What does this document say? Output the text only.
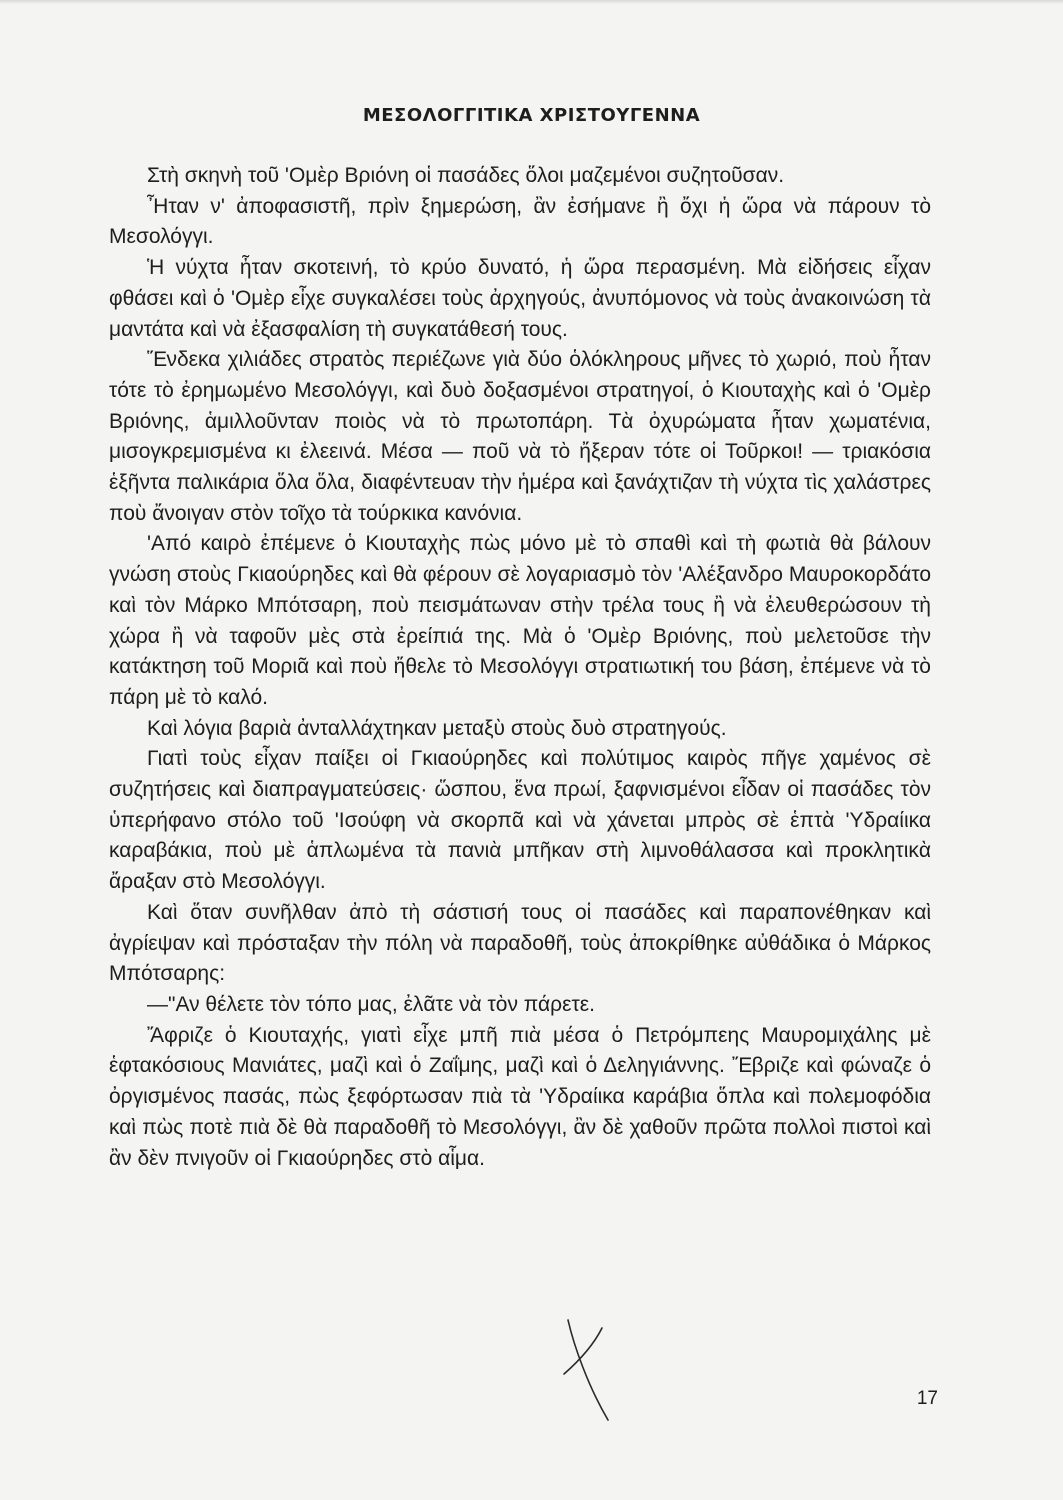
ΜΕΣΟΛΟΓΓΙΤΙΚΑ ΧΡΙΣΤΟΥΓΕΝΝΑ

Στὴ σκηνὴ τοῦ 'Ομὲρ Βριόνη οἱ πασάδες ὅλοι μαζεμένοι συζητοῦσαν.

Ἦταν ν' ἀποφασιστῆ, πρὶν ξημερώση, ἂν ἐσήμανε ἢ ὄχι ἡ ὥρα νὰ πάρουν τὸ Μεσολόγγι.

Ἡ νύχτα ἦταν σκοτεινή, τὸ κρύο δυνατό, ἡ ὥρα περασμένη. Μὰ εἰδήσεις εἶχαν φθάσει καὶ ὁ 'Ομὲρ εἶχε συγκαλέσει τοὺς ἀρχηγούς, ἀνυπόμονος νὰ τοὺς ἀνακοινώση τὰ μαντάτα καὶ νὰ ἐξασφαλίση τὴ συγκατάθεσή τους.

Ἕνδεκα χιλιάδες στρατὸς περιέζωνε γιὰ δύο ὁλόκληρους μῆνες τὸ χωριό, ποὺ ἦταν τότε τὸ ἐρημωμένο Μεσολόγγι, καὶ δυὸ δοξασμένοι στρατηγοί, ὁ Κιουταχὴς καὶ ὁ 'Ομὲρ Βριόνης, ἁμιλλοῦνταν ποιὸς νὰ τὸ πρωτοπάρη. Τὰ ὀχυρώματα ἦταν χωματένια, μισογκρεμισμένα κι ἐλεεινά. Μέσα — ποῦ νὰ τὸ ἤξεραν τότε οἱ Τοῦρκοι! — τριακόσια ἑξῆντα παλικάρια ὅλα ὅλα, διαφέντευαν τὴν ἡμέρα καὶ ξανάχτιζαν τὴ νύχτα τὶς χαλάστρες ποὺ ἄνοιγαν στὸν τοῖχο τὰ τούρκικα κανόνια.

'Από καιρὸ ἐπέμενε ὁ Κιουταχὴς πὼς μόνο μὲ τὸ σπαθὶ καὶ τὴ φωτιὰ θὰ βάλουν γνώση στοὺς Γκιαούρηδες καὶ θὰ φέρουν σὲ λογαριασμὸ τὸν 'Αλέξανδρο Μαυροκορδάτο καὶ τὸν Μάρκο Μπότσαρη, ποὺ πεισμάτωναν στὴν τρέλα τους ἢ νὰ ἐλευθερώσουν τὴ χώρα ἢ νὰ ταφοῦν μὲς στὰ ἐρείπιά της. Μὰ ὁ 'Ομὲρ Βριόνης, ποὺ μελετοῦσε τὴν κατάκτηση τοῦ Μοριᾶ καὶ ποὺ ἤθελε τὸ Μεσολόγγι στρατιωτική του βάση, ἐπέμενε νὰ τὸ πάρη μὲ τὸ καλό.

Καὶ λόγια βαριὰ ἀνταλλάχτηκαν μεταξὺ στοὺς δυὸ στρατηγούς.

Γιατὶ τοὺς εἶχαν παίξει οἱ Γκιαούρηδες καὶ πολύτιμος καιρὸς πῆγε χαμένος σὲ συζητήσεις καὶ διαπραγματεύσεις· ὥσπου, ἕνα πρωί, ξαφνισμένοι εἶδαν οἱ πασάδες τὸν ὑπερήφανο στόλο τοῦ 'Ισούφη νὰ σκορπᾶ καὶ νὰ χάνεται μπρὸς σὲ ἑπτὰ 'Υδραίικα καραβάκια, ποὺ μὲ ἁπλωμένα τὰ πανιὰ μπῆκαν στὴ λιμνοθάλασσα καὶ προκλητικὰ ἄραξαν στὸ Μεσολόγγι.

Καὶ ὅταν συνῆλθαν ἀπὸ τὴ σάστισή τους οἱ πασάδες καὶ παραπονέθηκαν καὶ ἀγρίεψαν καὶ πρόσταξαν τὴν πόλη νὰ παραδοθῆ, τοὺς ἀποκρίθηκε αὐθάδικα ὁ Μάρκος Μπότσαρης:

—"Αν θέλετε τὸν τόπο μας, ἐλᾶτε νὰ τὸν πάρετε.

Ἄφριζε ὁ Κιουταχής, γιατὶ εἶχε μπῆ πιὰ μέσα ὁ Πετρόμπεης Μαυρομιχάλης μὲ ἑφτακόσιους Μανιάτες, μαζὶ καὶ ὁ Ζαΐμης, μαζὶ καὶ ὁ Δεληγιάννης. Ἔβριζε καὶ φώναζε ὁ ὀργισμένος πασάς, πὼς ξεφόρτωσαν πιὰ τὰ 'Υδραίικα καράβια ὅπλα καὶ πολεμοφόδια καὶ πὼς ποτὲ πιὰ δὲ θὰ παραδοθῆ τὸ Μεσολόγγι, ἂν δὲ χαθοῦν πρῶτα πολλοὶ πιστοὶ καὶ ἂν δὲν πνιγοῦν οἱ Γκιαούρηδες στὸ αἷμα.

17
